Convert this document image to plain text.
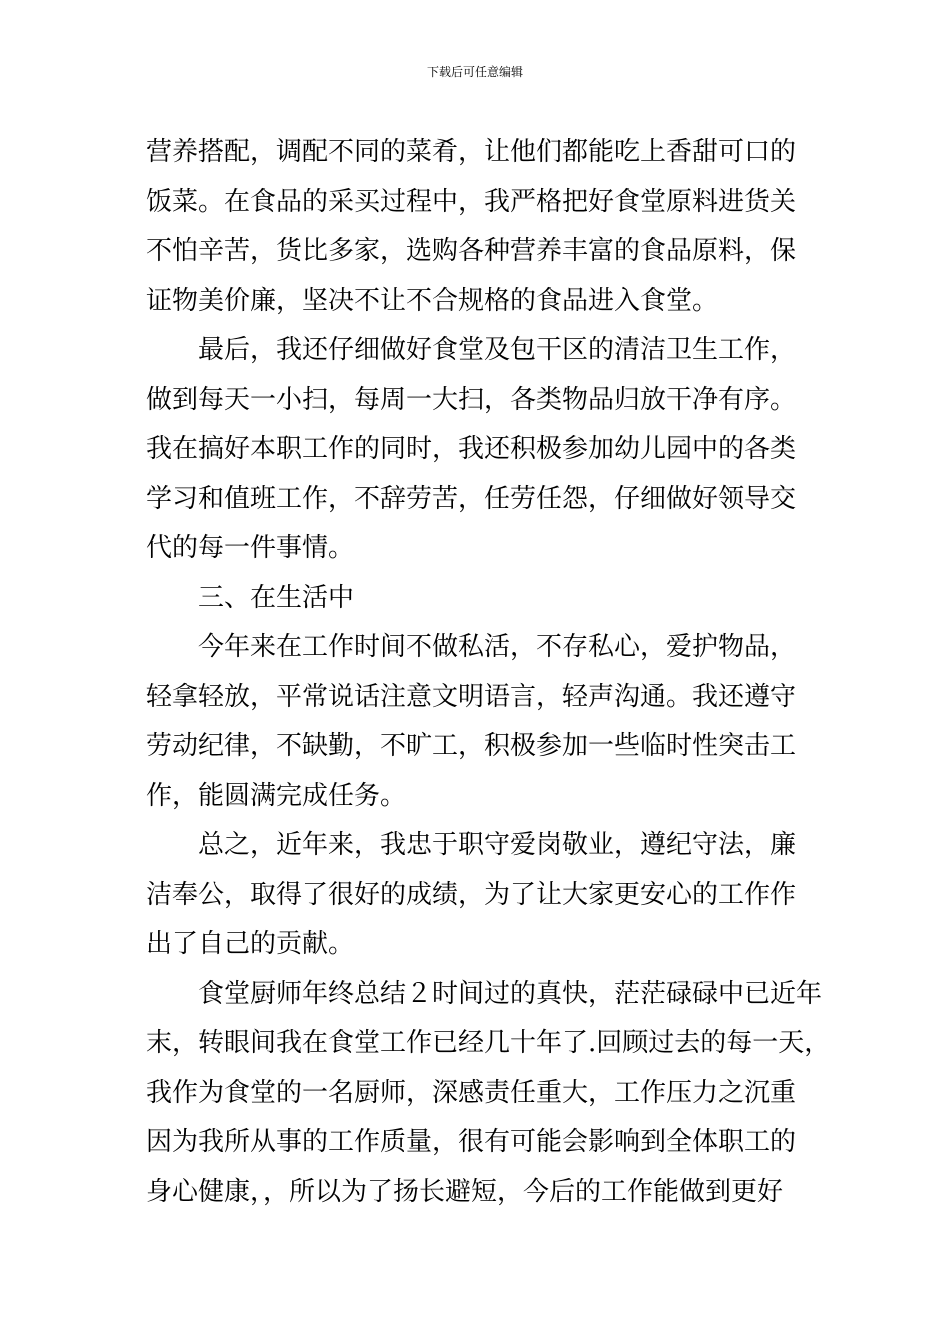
下载后可任意编辑
营养搭配，调配不同的菜肴，让他们都能吃上香甜可口的
饭菜。在食品的采买过程中，我严格把好食堂原料进货关
不怕辛苦，货比多家，选购各种营养丰富的食品原料，保
证物美价廉，坚决不让不合规格的食品进入食堂。
最后，我还仔细做好食堂及包干区的清洁卫生工作，
做到每天一小扫，每周一大扫，各类物品归放干净有序。
我在搞好本职工作的同时，我还积极参加幼儿园中的各类
学习和值班工作，不辞劳苦，任劳任怨，仔细做好领导交
代的每一件事情。
三、在生活中
今年来在工作时间不做私活，不存私心，爱护物品，
轻拿轻放，平常说话注意文明语言，轻声沟通。我还遵守
劳动纪律，不缺勤，不旷工，积极参加一些临时性突击工
作，能圆满完成任务。
总之，近年来，我忠于职守爱岗敬业，遵纪守法，廉
洁奉公，取得了很好的成绩，为了让大家更安心的工作作
出了自己的贡献。
食堂厨师年终总结２时间过的真快，茫茫碌碌中已近年
末，转眼间我在食堂工作已经几十年了.回顾过去的每一天，
我作为食堂的一名厨师，深感责任重大，工作压力之沉重
因为我所从事的工作质量，很有可能会影响到全体职工的
身心健康，，所以为了扬长避短，今后的工作能做到更好
